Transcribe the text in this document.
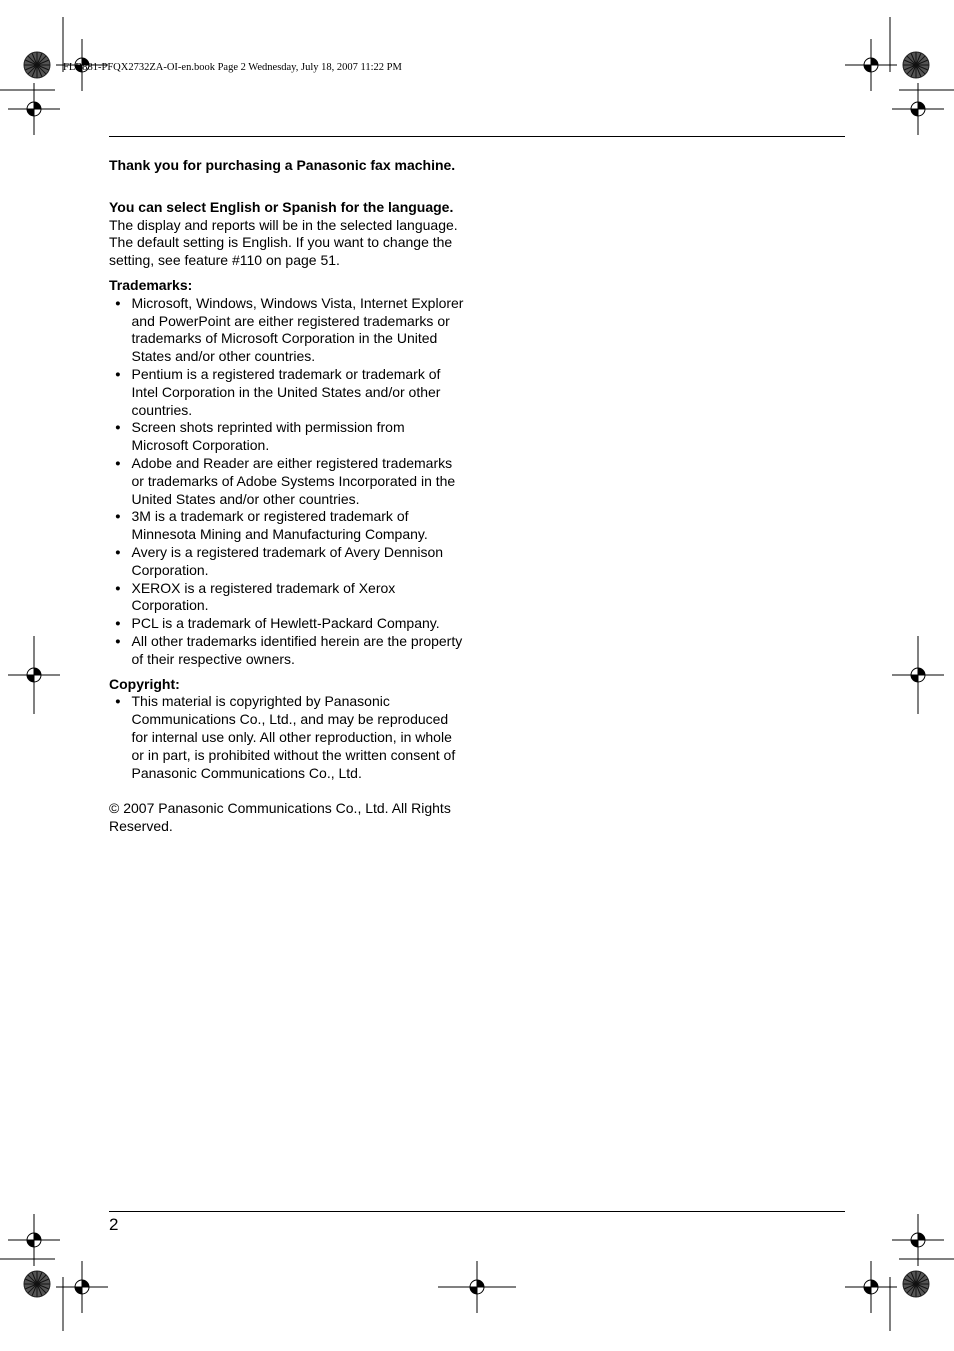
FLB881-PFQX2732ZA-OI-en.book Page 2 Wednesday, July 18, 2007 11:22 PM

Thank you for purchasing a Panasonic fax machine.

You can select English or Spanish for the language.

The display and reports will be in the selected language. The default setting is English. If you want to change the setting, see feature #110 on page 51.

Trademarks:

● Microsoft, Windows, Windows Vista, Internet Explorer and PowerPoint are either registered trademarks or trademarks of Microsoft Corporation in the United States and/or other countries.
● Pentium is a registered trademark or trademark of Intel Corporation in the United States and/or other countries.
● Screen shots reprinted with permission from Microsoft Corporation.
● Adobe and Reader are either registered trademarks or trademarks of Adobe Systems Incorporated in the United States and/or other countries.
● 3M is a trademark or registered trademark of Minnesota Mining and Manufacturing Company.
● Avery is a registered trademark of Avery Dennison Corporation.
● XEROX is a registered trademark of Xerox Corporation.
● PCL is a trademark of Hewlett-Packard Company.
● All other trademarks identified herein are the property of their respective owners.

Copyright:

● This material is copyrighted by Panasonic Communications Co., Ltd., and may be reproduced for internal use only. All other reproduction, in whole or in part, is prohibited without the written consent of Panasonic Communications Co., Ltd.

© 2007 Panasonic Communications Co., Ltd. All Rights Reserved.

2
